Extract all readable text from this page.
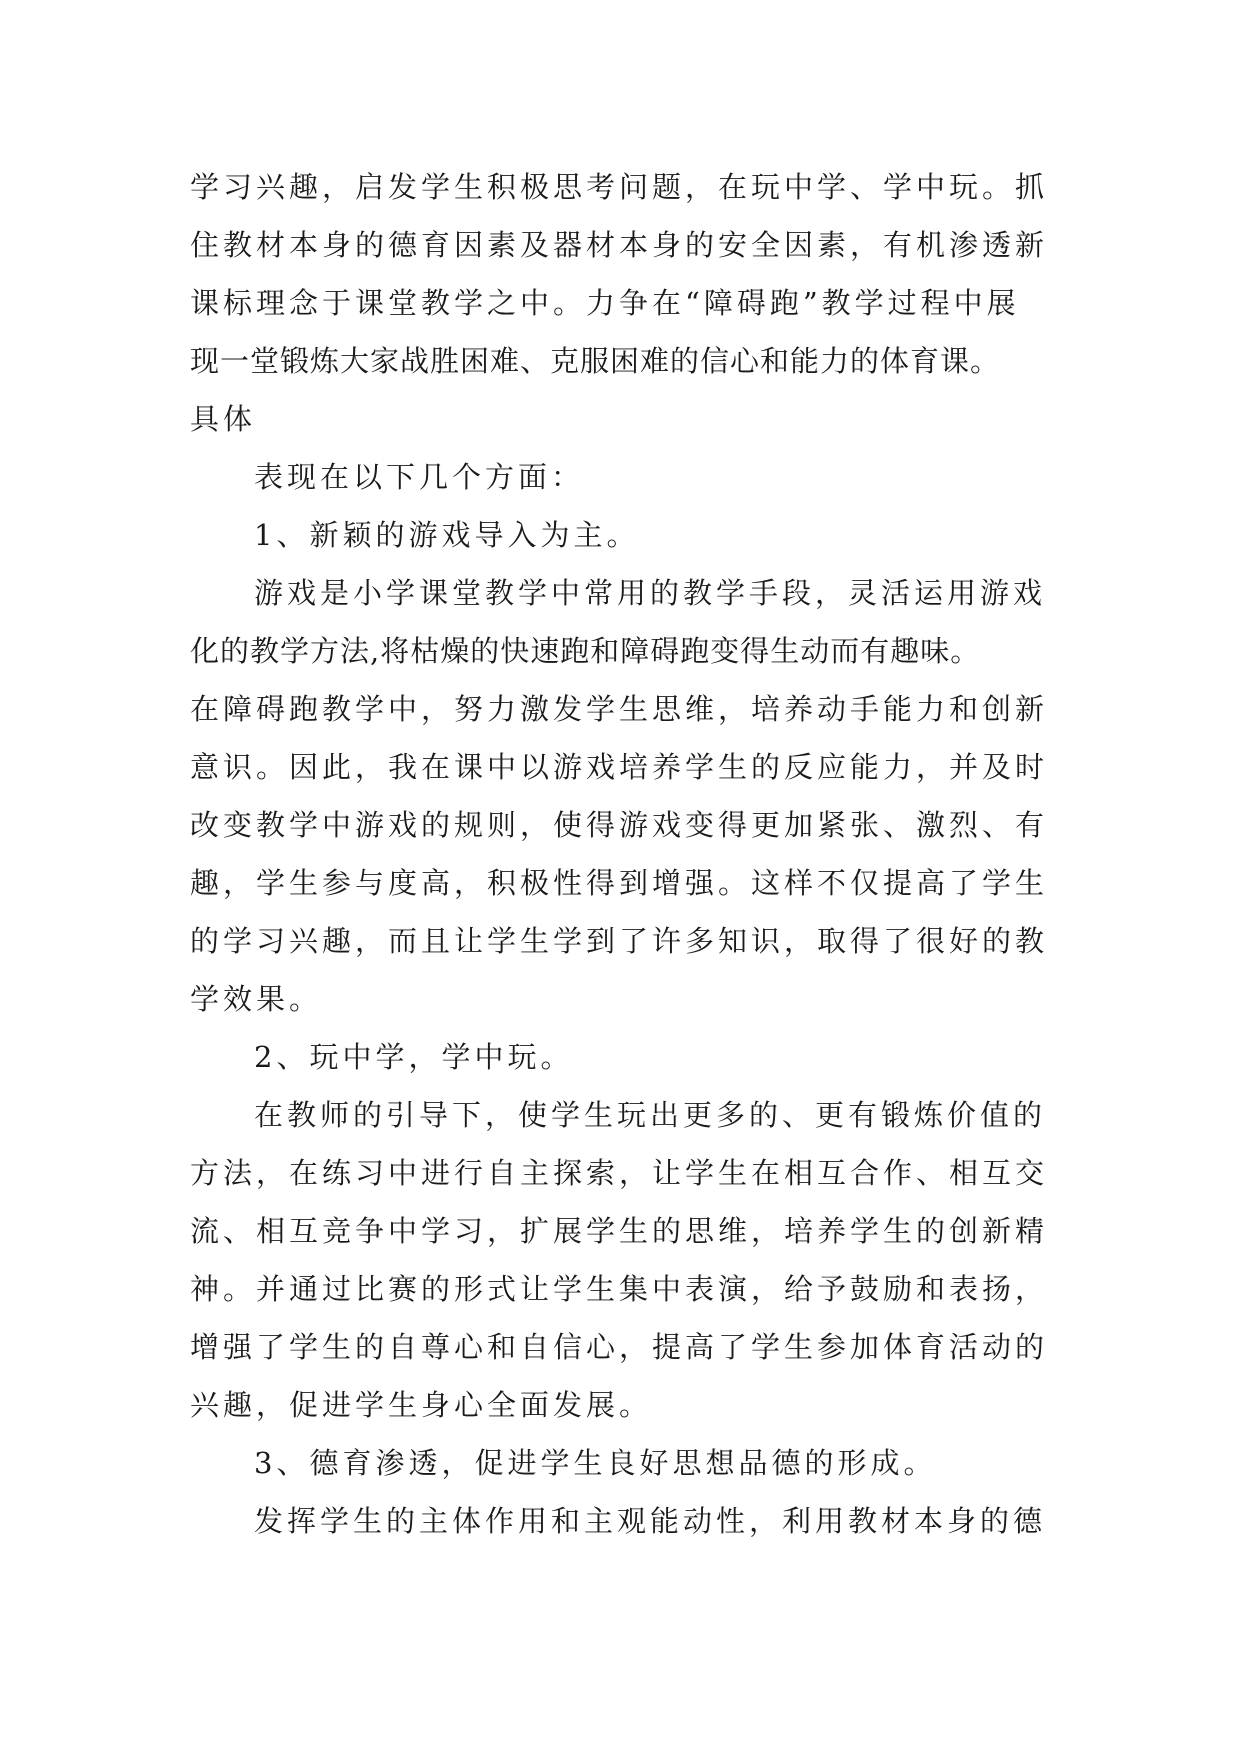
学习兴趣，启发学生积极思考问题，在玩中学、学中玩。抓
住教材本身的德育因素及器材本身的安全因素，有机渗透新
课标理念于课堂教学之中。力争在“障碍跑”教学过程中展
现一堂锻炼大家战胜困难、克服困难的信心和能力的体育课。
具体
表现在以下几个方面：
1、新颖的游戏导入为主。
游戏是小学课堂教学中常用的教学手段，灵活运用游戏
化的教学方法,将枯燥的快速跑和障碍跑变得生动而有趣味。
在障碍跑教学中，努力激发学生思维，培养动手能力和创新
意识。因此，我在课中以游戏培养学生的反应能力，并及时
改变教学中游戏的规则，使得游戏变得更加紧张、激烈、有
趣，学生参与度高，积极性得到增强。这样不仅提高了学生
的学习兴趣，而且让学生学到了许多知识，取得了很好的教
学效果。
2、玩中学，学中玩。
在教师的引导下，使学生玩出更多的、更有锻炼价值的
方法，在练习中进行自主探索，让学生在相互合作、相互交
流、相互竞争中学习，扩展学生的思维，培养学生的创新精
神。并通过比赛的形式让学生集中表演，给予鼓励和表扬，
增强了学生的自尊心和自信心，提高了学生参加体育活动的
兴趣，促进学生身心全面发展。
3、德育渗透，促进学生良好思想品德的形成。
发挥学生的主体作用和主观能动性，利用教材本身的德
